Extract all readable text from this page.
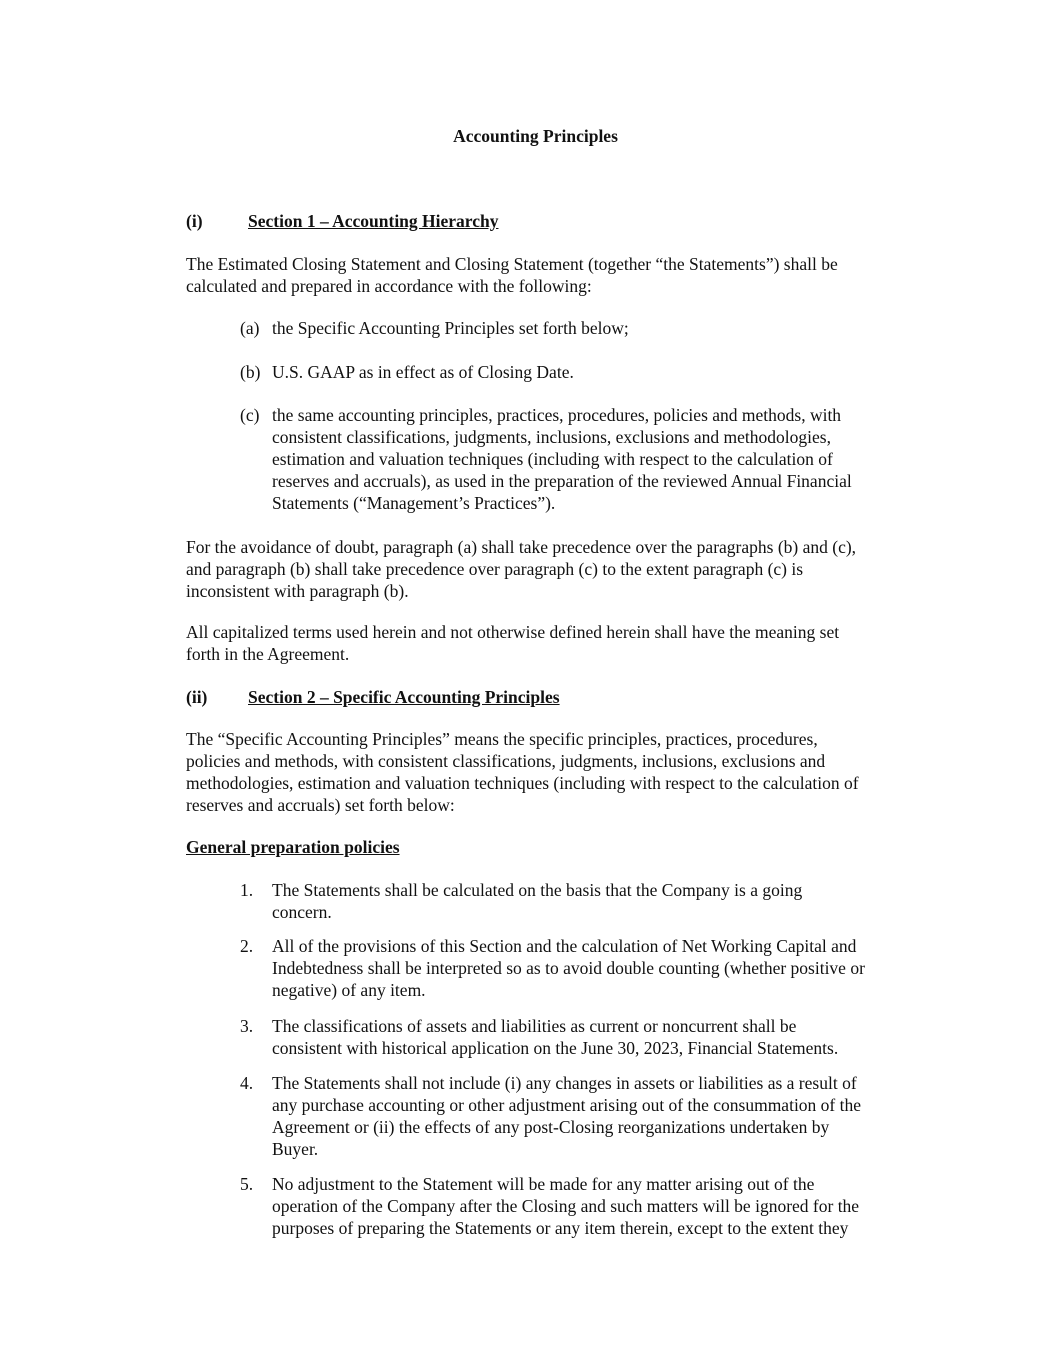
Accounting Principles
(i)	Section 1 – Accounting Hierarchy
The Estimated Closing Statement and Closing Statement (together “the Statements”) shall be
calculated and prepared in accordance with the following:
(a) the Specific Accounting Principles set forth below;
(b) U.S. GAAP as in effect as of Closing Date.
(c) the same accounting principles, practices, procedures, policies and methods, with
consistent classifications, judgments, inclusions, exclusions and methodologies,
estimation and valuation techniques (including with respect to the calculation of
reserves and accruals), as used in the preparation of the reviewed Annual Financial
Statements (“Management’s Practices”).
For the avoidance of doubt, paragraph (a) shall take precedence over the paragraphs (b) and (c),
and paragraph (b) shall take precedence over paragraph (c) to the extent paragraph (c) is
inconsistent with paragraph (b).
All capitalized terms used herein and not otherwise defined herein shall have the meaning set
forth in the Agreement.
(ii) Section 2 – Specific Accounting Principles
The “Specific Accounting Principles” means the specific principles, practices, procedures,
policies and methods, with consistent classifications, judgments, inclusions, exclusions and
methodologies, estimation and valuation techniques (including with respect to the calculation of
reserves and accruals) set forth below:
General preparation policies
1. The Statements shall be calculated on the basis that the Company is a going
concern.
2. All of the provisions of this Section and the calculation of Net Working Capital and
Indebtedness shall be interpreted so as to avoid double counting (whether positive or
negative) of any item.
3. The classifications of assets and liabilities as current or noncurrent shall be
consistent with historical application on the June 30, 2023, Financial Statements.
4. The Statements shall not include (i) any changes in assets or liabilities as a result of
any purchase accounting or other adjustment arising out of the consummation of the
Agreement or (ii) the effects of any post-Closing reorganizations undertaken by
Buyer.
5. No adjustment to the Statement will be made for any matter arising out of the
operation of the Company after the Closing and such matters will be ignored for the
purposes of preparing the Statements or any item therein, except to the extent they
